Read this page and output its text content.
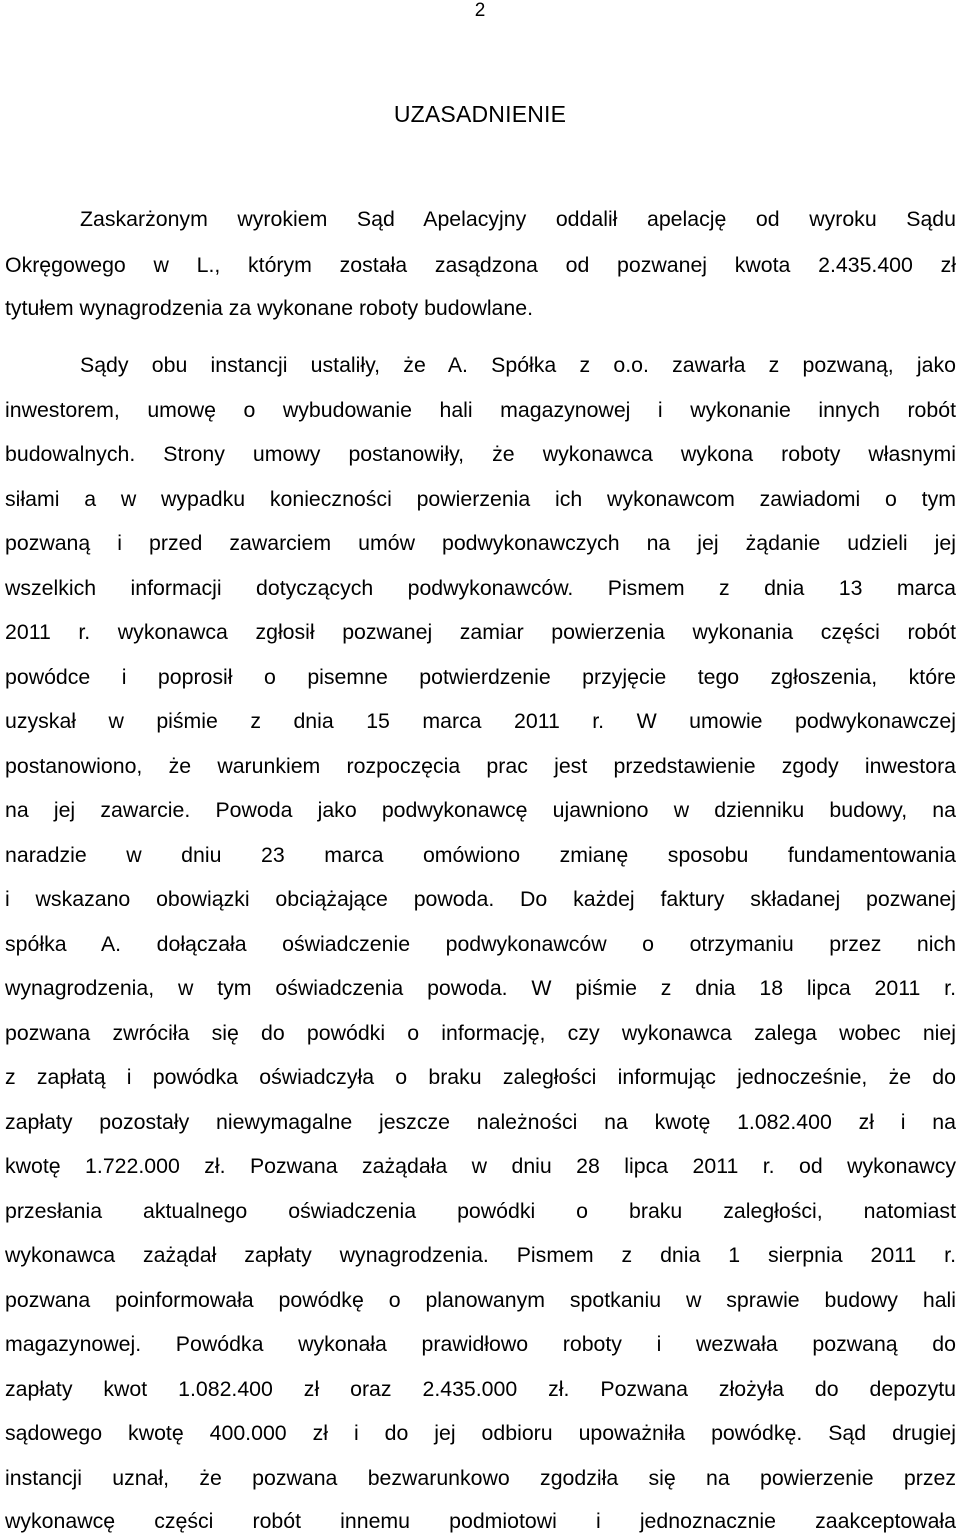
2
UZASADNIENIE
Zaskarżonym wyrokiem Sąd Apelacyjny oddalił apelację od wyroku Sądu
Okręgowego w L., którym została zasądzona od pozwanej kwota 2.435.400 zł
tytułem wynagrodzenia za wykonane roboty budowlane.
Sądy obu instancji ustaliły, że A. Spółka z o.o. zawarła z pozwaną, jako
inwestorem, umowę o wybudowanie hali magazynowej i wykonanie innych robót
budowalnych. Strony umowy postanowiły, że wykonawca wykona roboty własnymi
siłami a w wypadku konieczności powierzenia ich wykonawcom zawiadomi o tym
pozwaną i przed zawarciem umów podwykonawczych na jej żądanie udzieli jej
wszelkich informacji dotyczących podwykonawców. Pismem z dnia 13 marca
2011 r. wykonawca zgłosił pozwanej zamiar powierzenia wykonania części robót
powódce i poprosił o pisemne potwierdzenie przyjęcie tego zgłoszenia, które
uzyskał w piśmie z dnia 15 marca 2011 r. W umowie podwykonawczej
postanowiono, że warunkiem rozpoczęcia prac jest przedstawienie zgody inwestora
na jej zawarcie. Powoda jako podwykonawcę ujawniono w dzienniku budowy, na
naradzie w dniu 23 marca omówiono zmianę sposobu fundamentowania
i wskazano obowiązki obciążające powoda. Do każdej faktury składanej pozwanej
spółka A. dołączała oświadczenie podwykonawców o otrzymaniu przez nich
wynagrodzenia, w tym oświadczenia powoda. W piśmie z dnia 18 lipca 2011 r.
pozwana zwróciła się do powódki o informację, czy wykonawca zalega wobec niej
z zapłatą i powódka oświadczyła o braku zaległości informując jednocześnie, że do
zapłaty pozostały niewymagalne jeszcze należności na kwotę 1.082.400 zł i na
kwotę 1.722.000 zł. Pozwana zażądała w dniu 28 lipca 2011 r. od wykonawcy
przesłania aktualnego oświadczenia powódki o braku zaległości, natomiast
wykonawca zażądał zapłaty wynagrodzenia. Pismem z dnia 1 sierpnia 2011 r.
pozwana poinformowała powódkę o planowanym spotkaniu w sprawie budowy hali
magazynowej. Powódka wykonała prawidłowo roboty i wezwała pozwaną do
zapłaty kwot 1.082.400 zł oraz 2.435.000 zł. Pozwana złożyła do depozytu
sądowego kwotę 400.000 zł i do jej odbioru upoważniła powódkę. Sąd drugiej
instancji uznał, że pozwana bezwarunkowo zgodziła się na powierzenie przez
wykonawcę części robót innemu podmiotowi i jednoznacznie zaakceptowała
